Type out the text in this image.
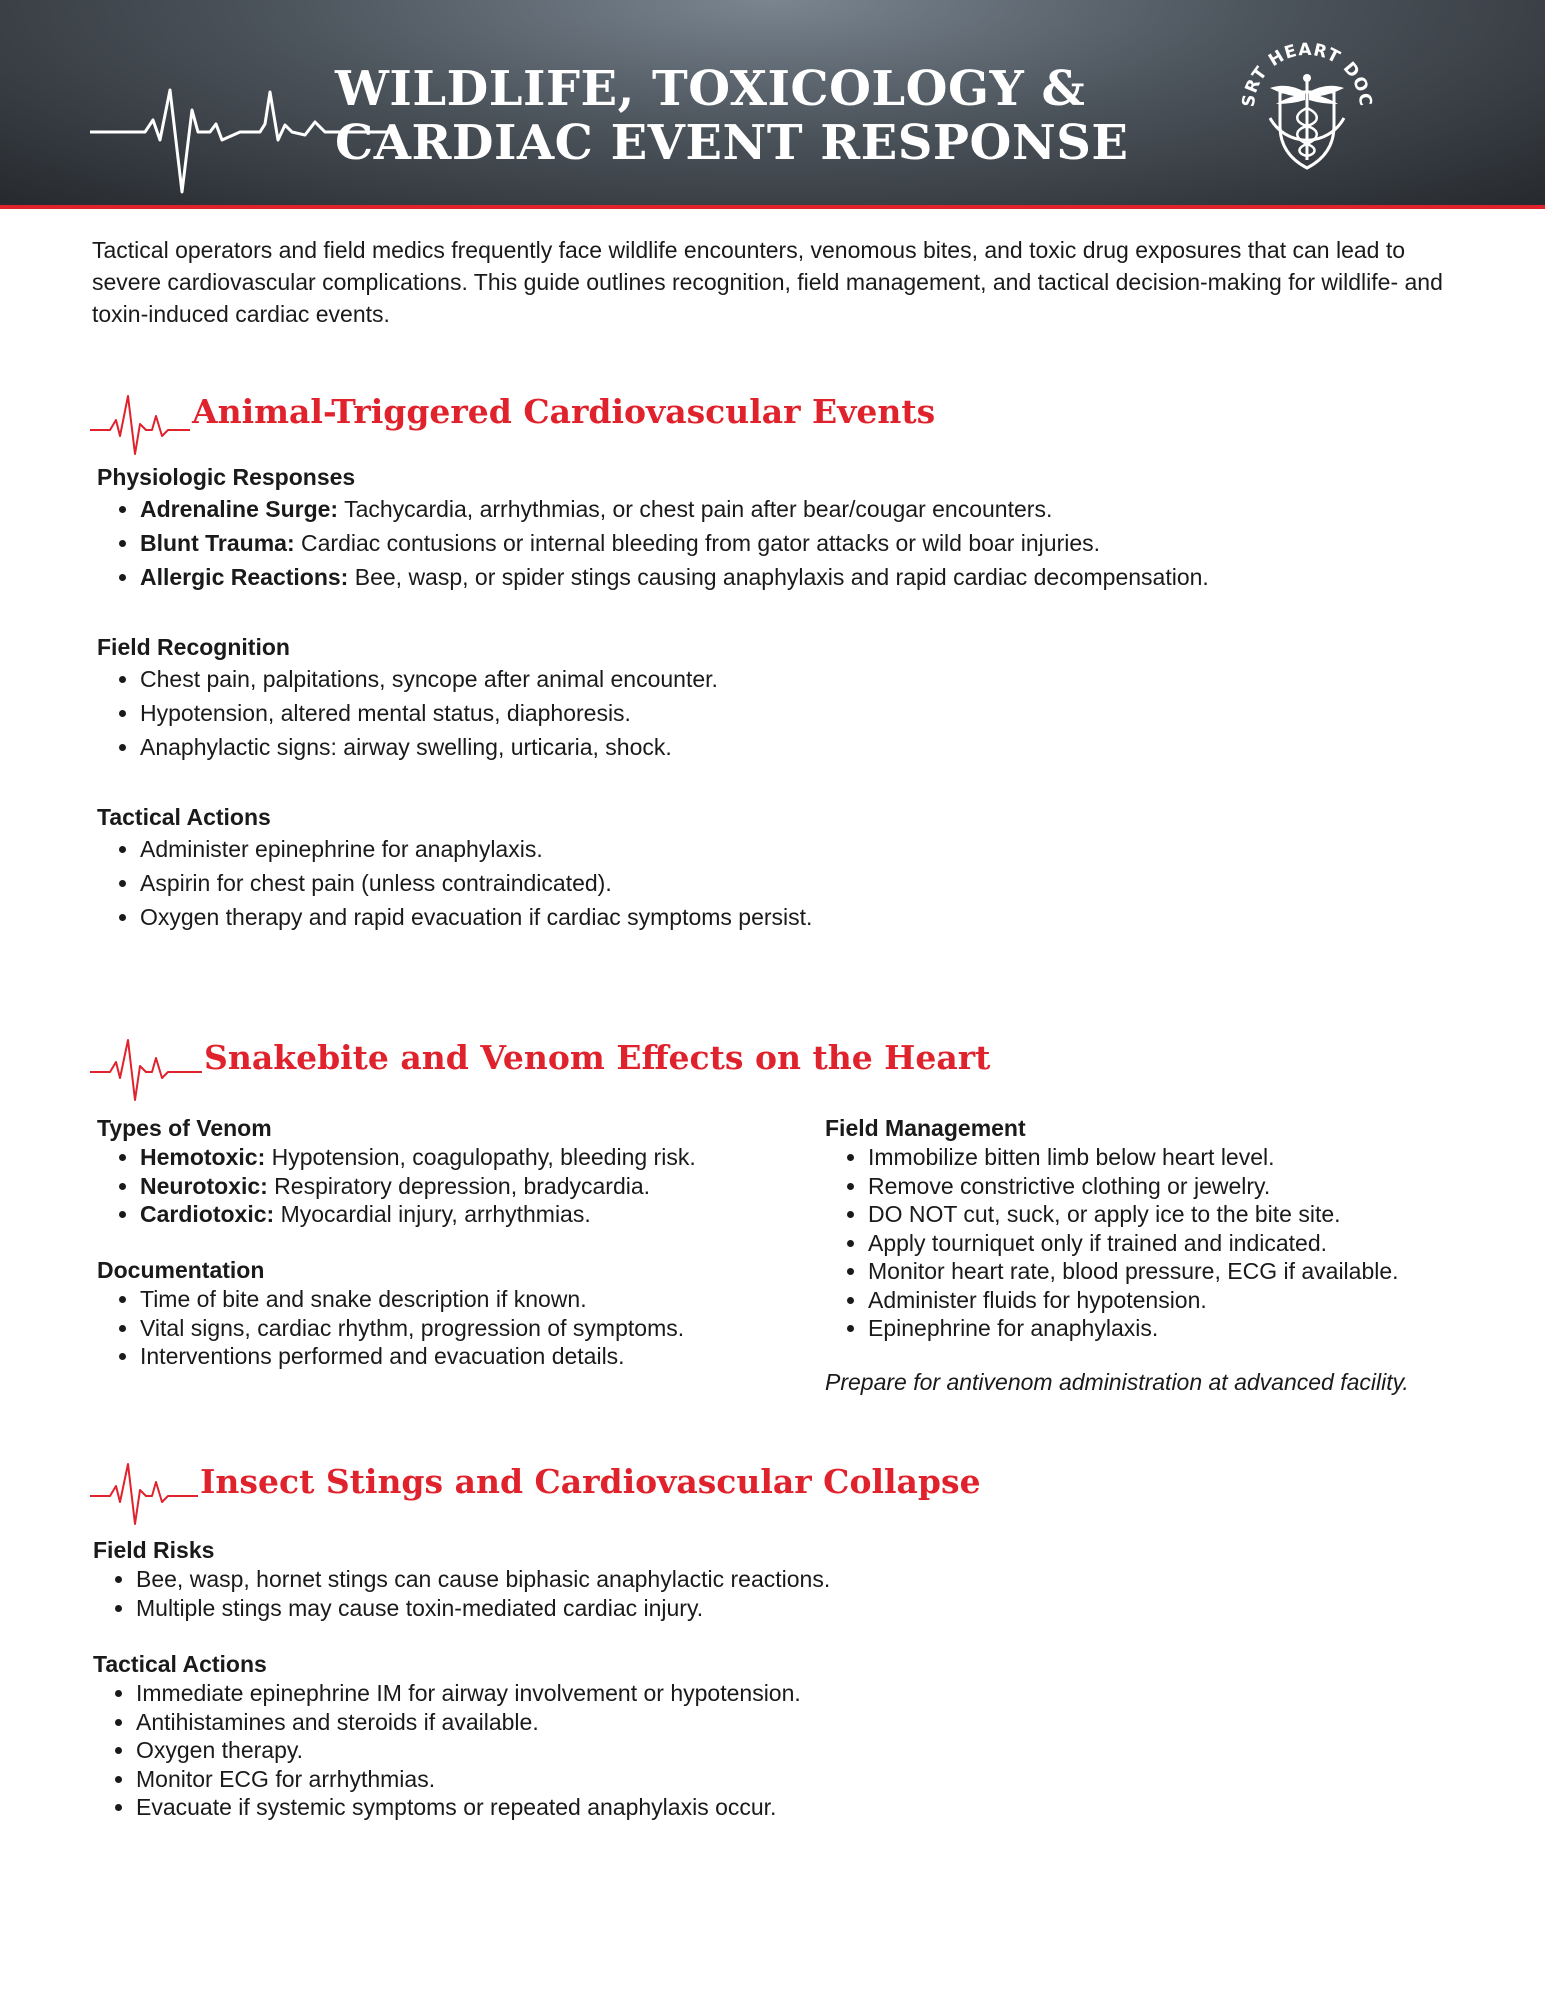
WILDLIFE, TOXICOLOGY &
CARDIAC EVENT RESPONSE
SRT HEART DOC

Tactical operators and field medics frequently face wildlife encounters, venomous bites, and toxic drug exposures that can lead to severe cardiovascular complications. This guide outlines recognition, field management, and tactical decision-making for wildlife- and toxin-induced cardiac events.

Animal-Triggered Cardiovascular Events
Physiologic Responses
• Adrenaline Surge: Tachycardia, arrhythmias, or chest pain after bear/cougar encounters.
• Blunt Trauma: Cardiac contusions or internal bleeding from gator attacks or wild boar injuries.
• Allergic Reactions: Bee, wasp, or spider stings causing anaphylaxis and rapid cardiac decompensation.
Field Recognition
• Chest pain, palpitations, syncope after animal encounter.
• Hypotension, altered mental status, diaphoresis.
• Anaphylactic signs: airway swelling, urticaria, shock.
Tactical Actions
• Administer epinephrine for anaphylaxis.
• Aspirin for chest pain (unless contraindicated).
• Oxygen therapy and rapid evacuation if cardiac symptoms persist.
Snakebite and Venom Effects on the Heart
Types of Venom
• Hemotoxic: Hypotension, coagulopathy, bleeding risk.
• Neurotoxic: Respiratory depression, bradycardia.
• Cardiotoxic: Myocardial injury, arrhythmias.
Documentation
• Time of bite and snake description if known.
• Vital signs, cardiac rhythm, progression of symptoms.
• Interventions performed and evacuation details.
Field Management
• Immobilize bitten limb below heart level.
• Remove constrictive clothing or jewelry.
• DO NOT cut, suck, or apply ice to the bite site.
• Apply tourniquet only if trained and indicated.
• Monitor heart rate, blood pressure, ECG if available.
• Administer fluids for hypotension.
• Epinephrine for anaphylaxis.

Prepare for antivenom administration at advanced facility.

Insect Stings and Cardiovascular Collapse
Field Risks
• Bee, wasp, hornet stings can cause biphasic anaphylactic reactions.
• Multiple stings may cause toxin-mediated cardiac injury.
Tactical Actions
• Immediate epinephrine IM for airway involvement or hypotension.
• Antihistamines and steroids if available.
• Oxygen therapy.
• Monitor ECG for arrhythmias.
• Evacuate if systemic symptoms or repeated anaphylaxis occur.
